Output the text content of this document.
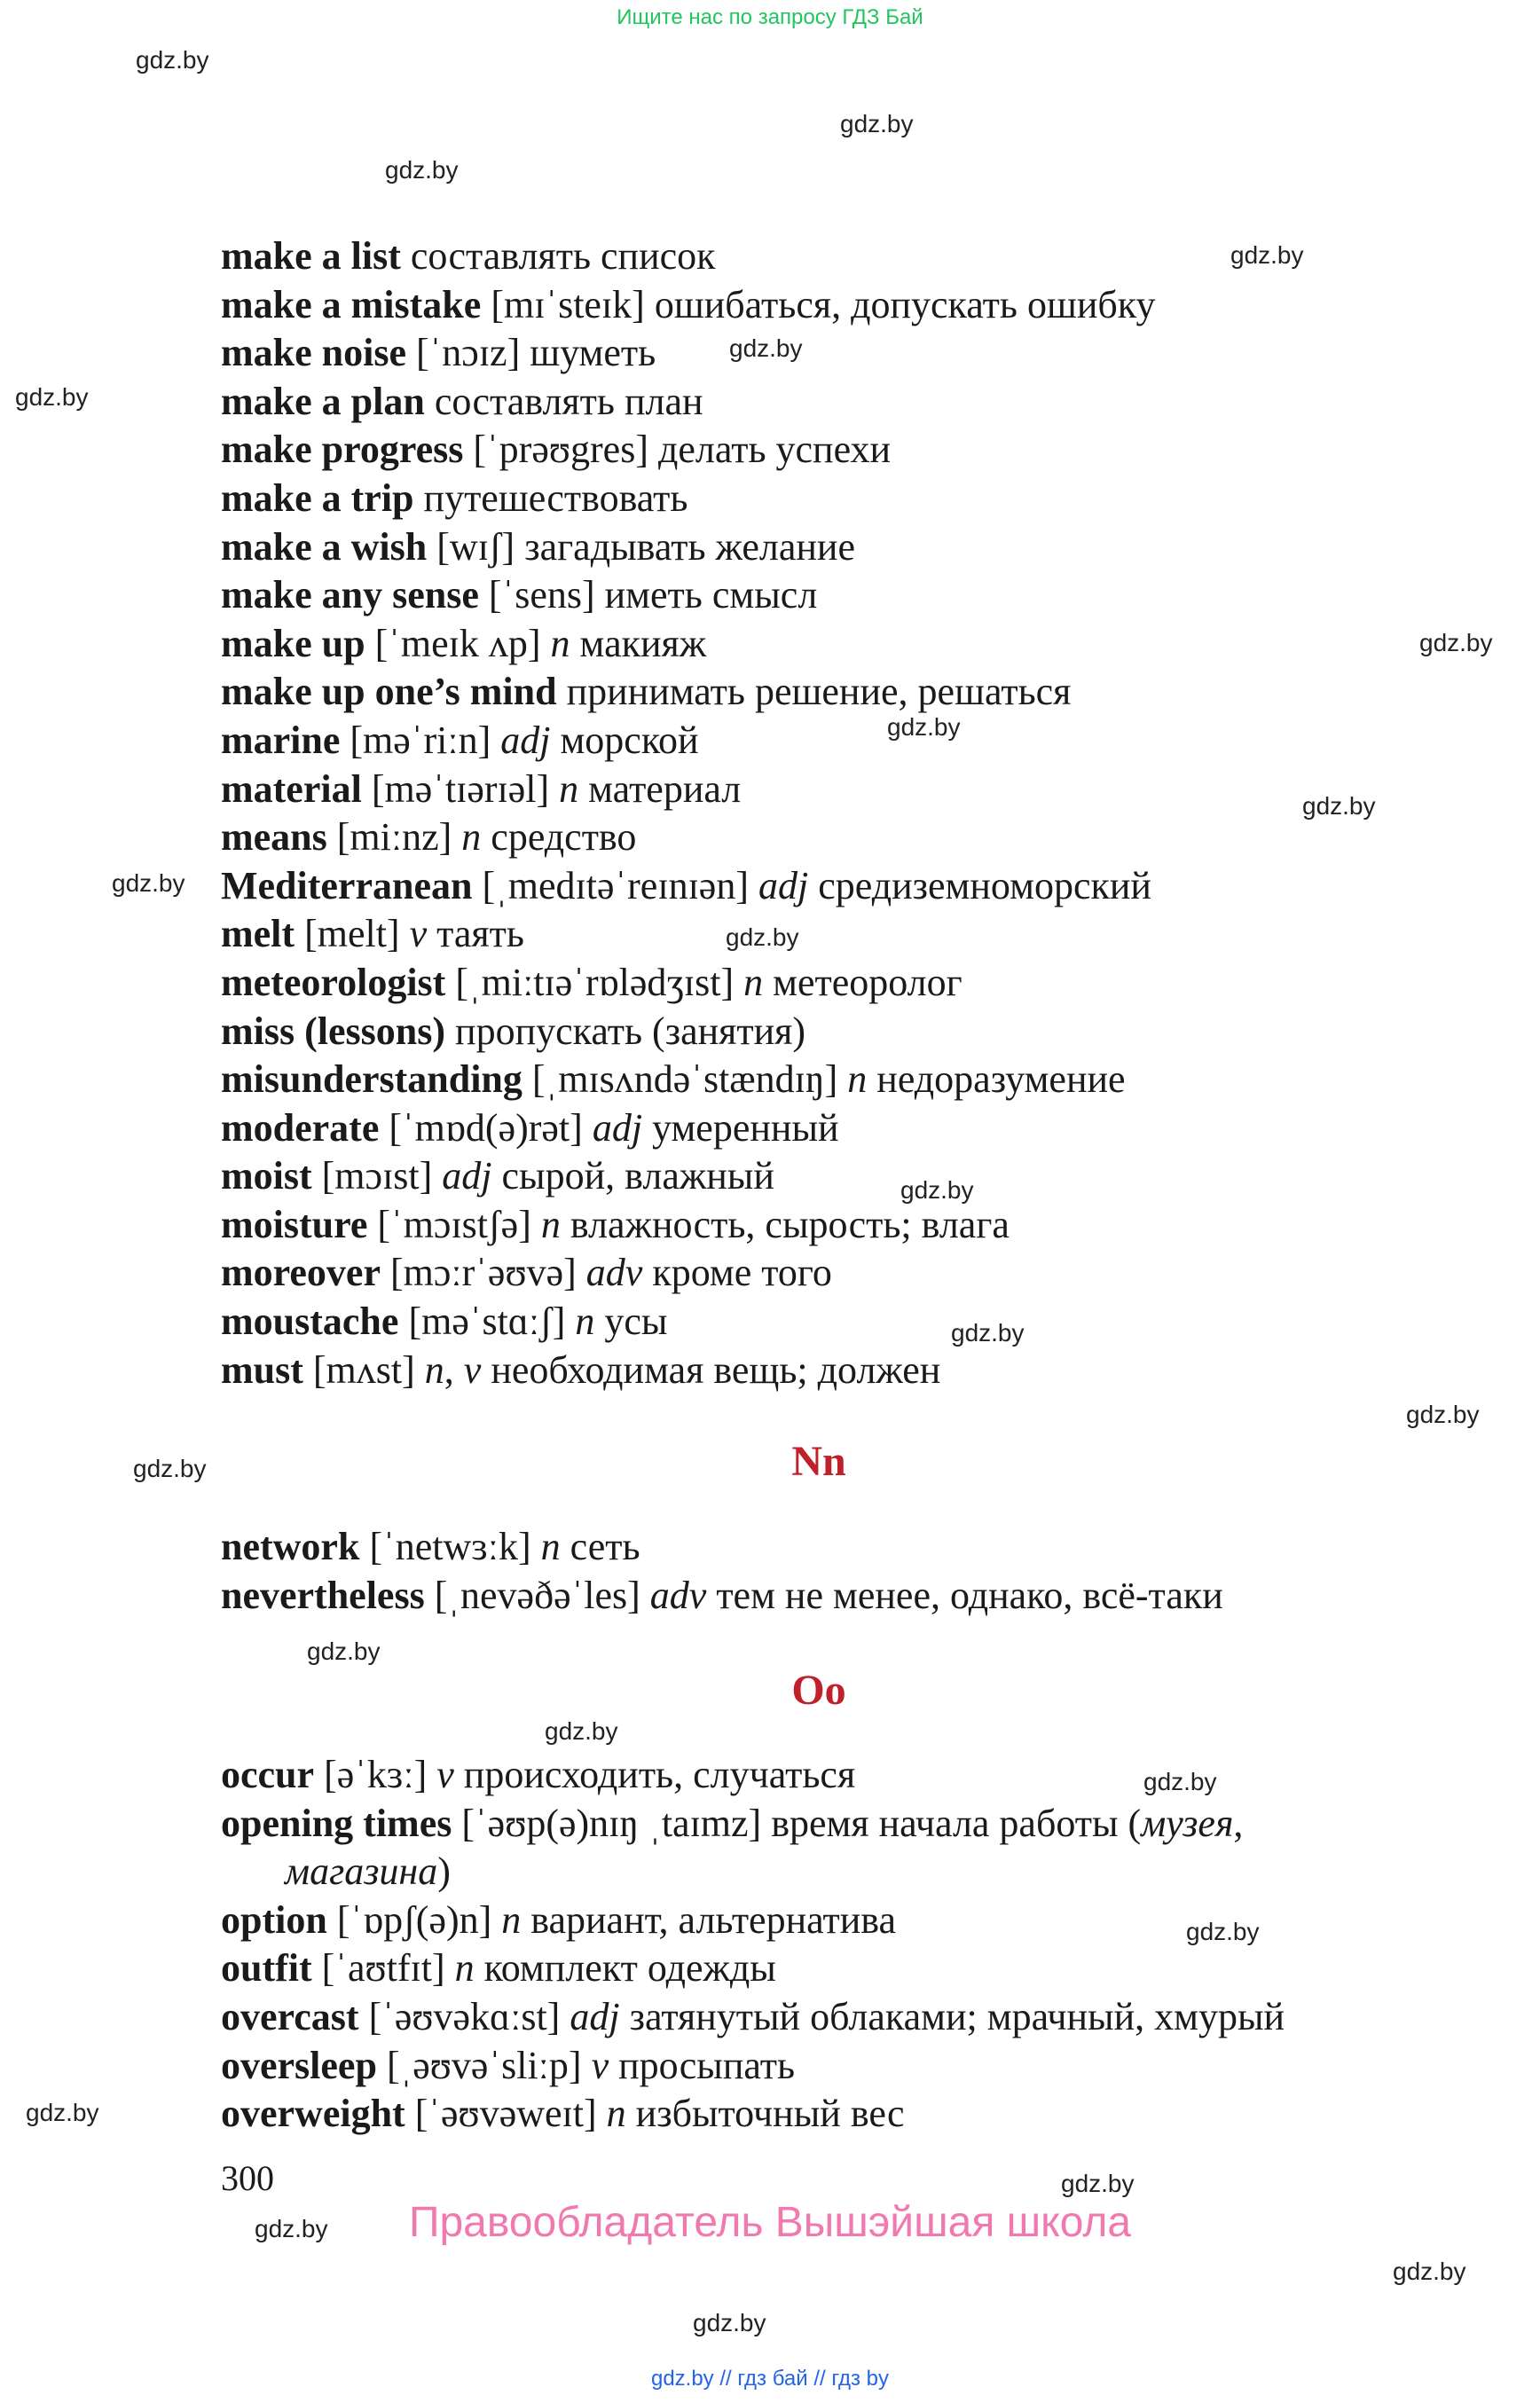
Ищите нас по запросу ГДЗ Бай
gdz.by
gdz.by
gdz.by
gdz.by
gdz.by
gdz.by
gdz.by
gdz.by
gdz.by
gdz.by
gdz.by
gdz.by
gdz.by
gdz.by
gdz.by
gdz.by
gdz.by
gdz.by
gdz.by
gdz.by
gdz.by
gdz.by
gdz.by
gdz.by
make a list составлять список
make a mistake [mɪˈsteɪk] ошибаться, допускать ошибку
make noise [ˈnɔɪz] шуметь
make a plan составлять план
make progress [ˈprəʊgres] делать успехи
make a trip путешествовать
make a wish [wɪʃ] загадывать желание
make any sense [ˈsens] иметь смысл
make up [ˈmeɪk ʌp] n макияж
make up one’s mind принимать решение, решаться
marine [məˈriːn] adj морской
material [məˈtɪərɪəl] n материал
means [miːnz] n средство
Mediterranean [ˌmedɪtəˈreɪnɪən] adj средиземноморский
melt [melt] v таять
meteorologist [ˌmiːtɪəˈrɒlədʒɪst] n метеоролог
miss (lessons) пропускать (занятия)
misunderstanding [ˌmɪsʌndəˈstændɪŋ] n недоразумение
moderate [ˈmɒd(ə)rət] adj умеренный
moist [mɔɪst] adj сырой, влажный
moisture [ˈmɔɪstʃə] n влажность, сырость; влага
moreover [mɔːrˈəʊvə] adv кроме того
moustache [məˈstɑːʃ] n усы
must [mʌst] n, v необходимая вещь; должен
Nn
network [ˈnetwɜːk] n сеть
nevertheless [ˌnevəðəˈles] adv тем не менее, однако, всё-таки
Oo
occur [əˈkɜː] v происходить, случаться
opening times [ˈəʊp(ə)nɪŋ ˌtaɪmz] время начала работы (музея,
магазина)
option [ˈɒpʃ(ə)n] n вариант, альтернатива
outfit [ˈaʊtfɪt] n комплект одежды
overcast [ˈəʊvəkɑːst] adj затянутый облаками; мрачный, хмурый
oversleep [ˌəʊvəˈsliːp] v просыпать
overweight [ˈəʊvəweɪt] n избыточный вес
300
Правообладатель Вышэйшая школа
gdz.by // гдз бай // гдз by
